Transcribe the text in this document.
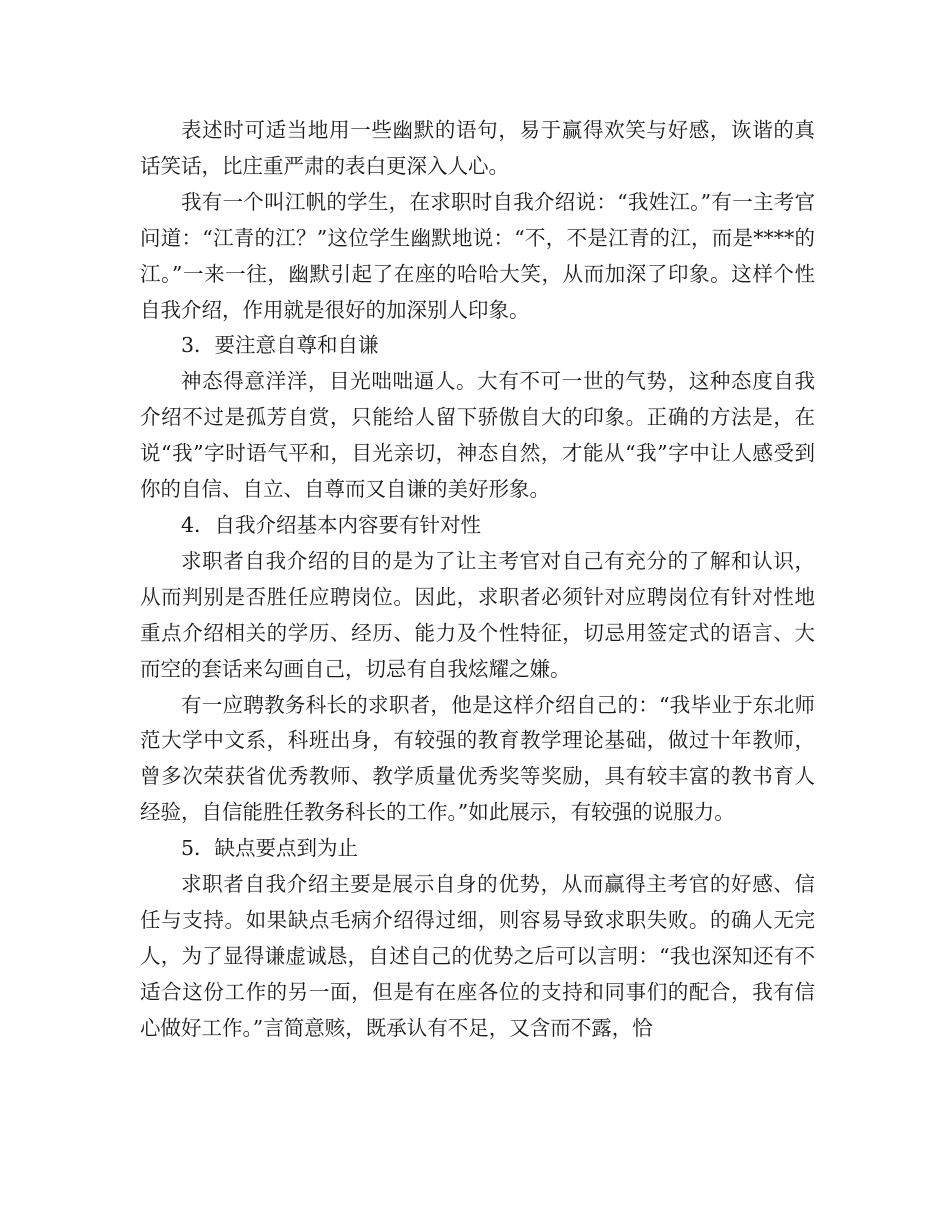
表述时可适当地用一些幽默的语句，易于赢得欢笑与好感，诙谐的真话笑话，比庄重严肃的表白更深入人心。

我有一个叫江帆的学生，在求职时自我介绍说：“我姓江。”有一主考官问道：“江青的江？”这位学生幽默地说：“不，不是江青的江，而是****的江。”一来一往，幽默引起了在座的哈哈大笑，从而加深了印象。这样个性自我介绍，作用就是很好的加深别人印象。

3．要注意自尊和自谦

神态得意洋洋，目光咄咄逼人。大有不可一世的气势，这种态度自我介绍不过是孤芳自赏，只能给人留下骄傲自大的印象。正确的方法是，在说“我”字时语气平和，目光亲切，神态自然，才能从“我”字中让人感受到你的自信、自立、自尊而又自谦的美好形象。

4．自我介绍基本内容要有针对性

求职者自我介绍的目的是为了让主考官对自己有充分的了解和认识，从而判别是否胜任应聘岗位。因此，求职者必须针对应聘岗位有针对性地重点介绍相关的学历、经历、能力及个性特征，切忌用签定式的语言、大而空的套话来勾画自己，切忌有自我炫耀之嫌。

有一应聘教务科长的求职者，他是这样介绍自己的：“我毕业于东北师范大学中文系，科班出身，有较强的教育教学理论基础，做过十年教师，曾多次荣获省优秀教师、教学质量优秀奖等奖励，具有较丰富的教书育人经验，自信能胜任教务科长的工作。”如此展示，有较强的说服力。

5．缺点要点到为止

求职者自我介绍主要是展示自身的优势，从而赢得主考官的好感、信任与支持。如果缺点毛病介绍得过细，则容易导致求职失败。的确人无完人，为了显得谦虚诚恳，自述自己的优势之后可以言明：“我也深知还有不适合这份工作的另一面，但是有在座各位的支持和同事们的配合，我有信心做好工作。”言简意赅，既承认有不足，又含而不露，恰
